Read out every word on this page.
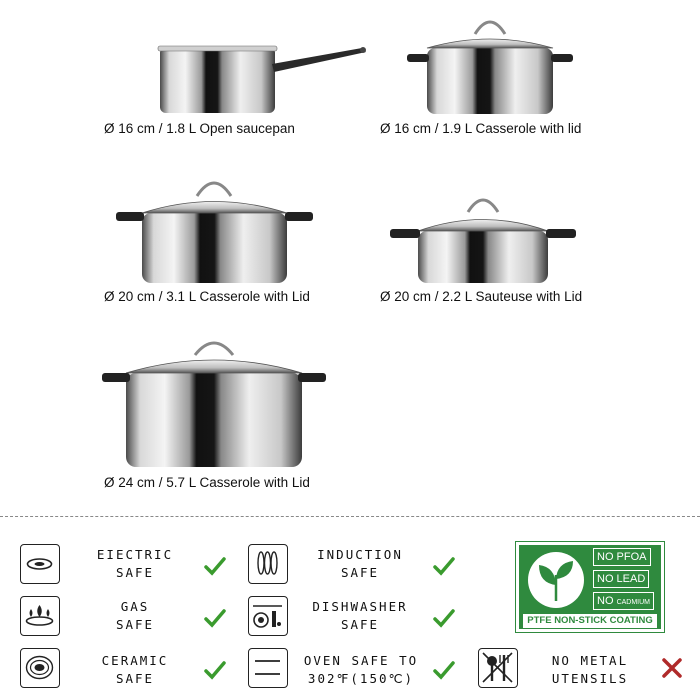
Ø 16 cm / 1.8 L Open saucepan	Ø 16 cm / 1.9 L Casserole with lid
Ø 20 cm / 3.1 L Casserole with Lid	Ø 20 cm / 2.2 L Sauteuse with Lid
Ø 24 cm / 5.7 L Casserole with Lid
EIECTRIC
SAFE
INDUCTION
SAFE
GAS
SAFE
DISHWASHER
SAFE
CERAMIC
SAFE
OVEN SAFE TO
302℉(150℃)
NO METAL
UTENSILS
NO PFOA
NO LEAD
NO CADMIUM
PTFE NON-STICK COATING
